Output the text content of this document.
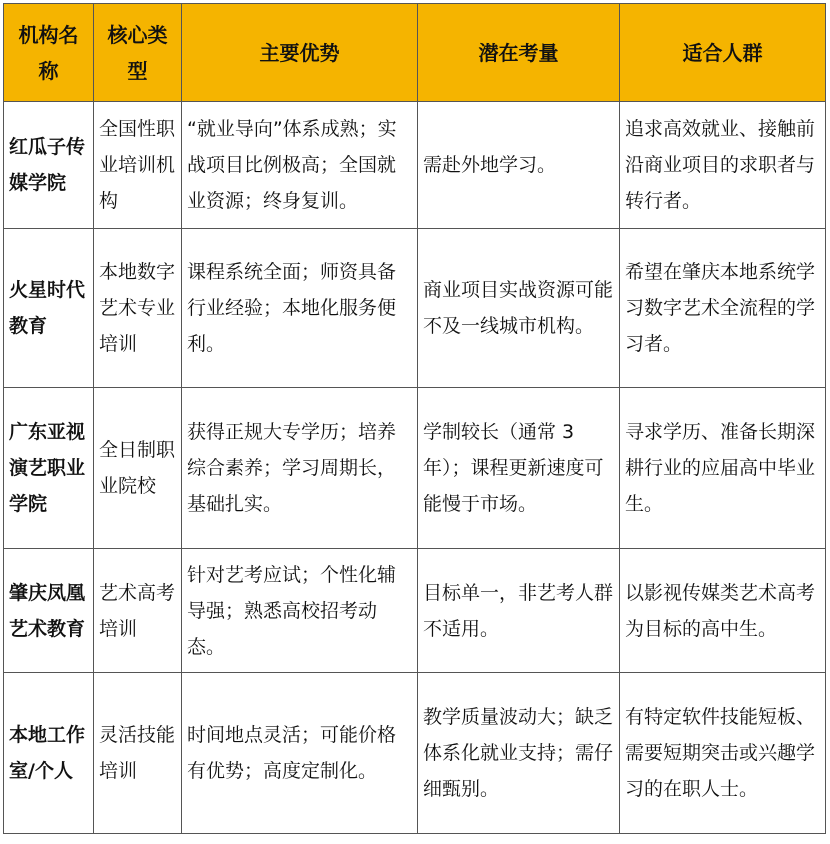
机构名称	核心类型	主要优势	潜在考量	适合人群
红瓜子传媒学院	全国性职业培训机构	“就业导向”体系成熟；实战项目比例极高；全国就业资源；终身复训。	需赴外地学习。	追求高效就业、接触前沿商业项目的求职者与转行者。
火星时代教育	本地数字艺术专业培训	课程系统全面；师资具备行业经验；本地化服务便利。	商业项目实战资源可能不及一线城市机构。	希望在肇庆本地系统学习数字艺术全流程的学习者。
广东亚视演艺职业学院	全日制职业院校	获得正规大专学历；培养综合素养；学习周期长，基础扎实。	学制较长（通常 3 年）；课程更新速度可能慢于市场。	寻求学历、准备长期深耕行业的应届高中毕业生。
肇庆凤凰艺术教育	艺术高考培训	针对艺考应试；个性化辅导强；熟悉高校招考动态。	目标单一，非艺考人群不适用。	以影视传媒类艺术高考为目标的高中生。
本地工作室/个人	灵活技能培训	时间地点灵活；可能价格有优势；高度定制化。	教学质量波动大；缺乏体系化就业支持；需仔细甄别。	有特定软件技能短板、需要短期突击或兴趣学习的在职人士。
